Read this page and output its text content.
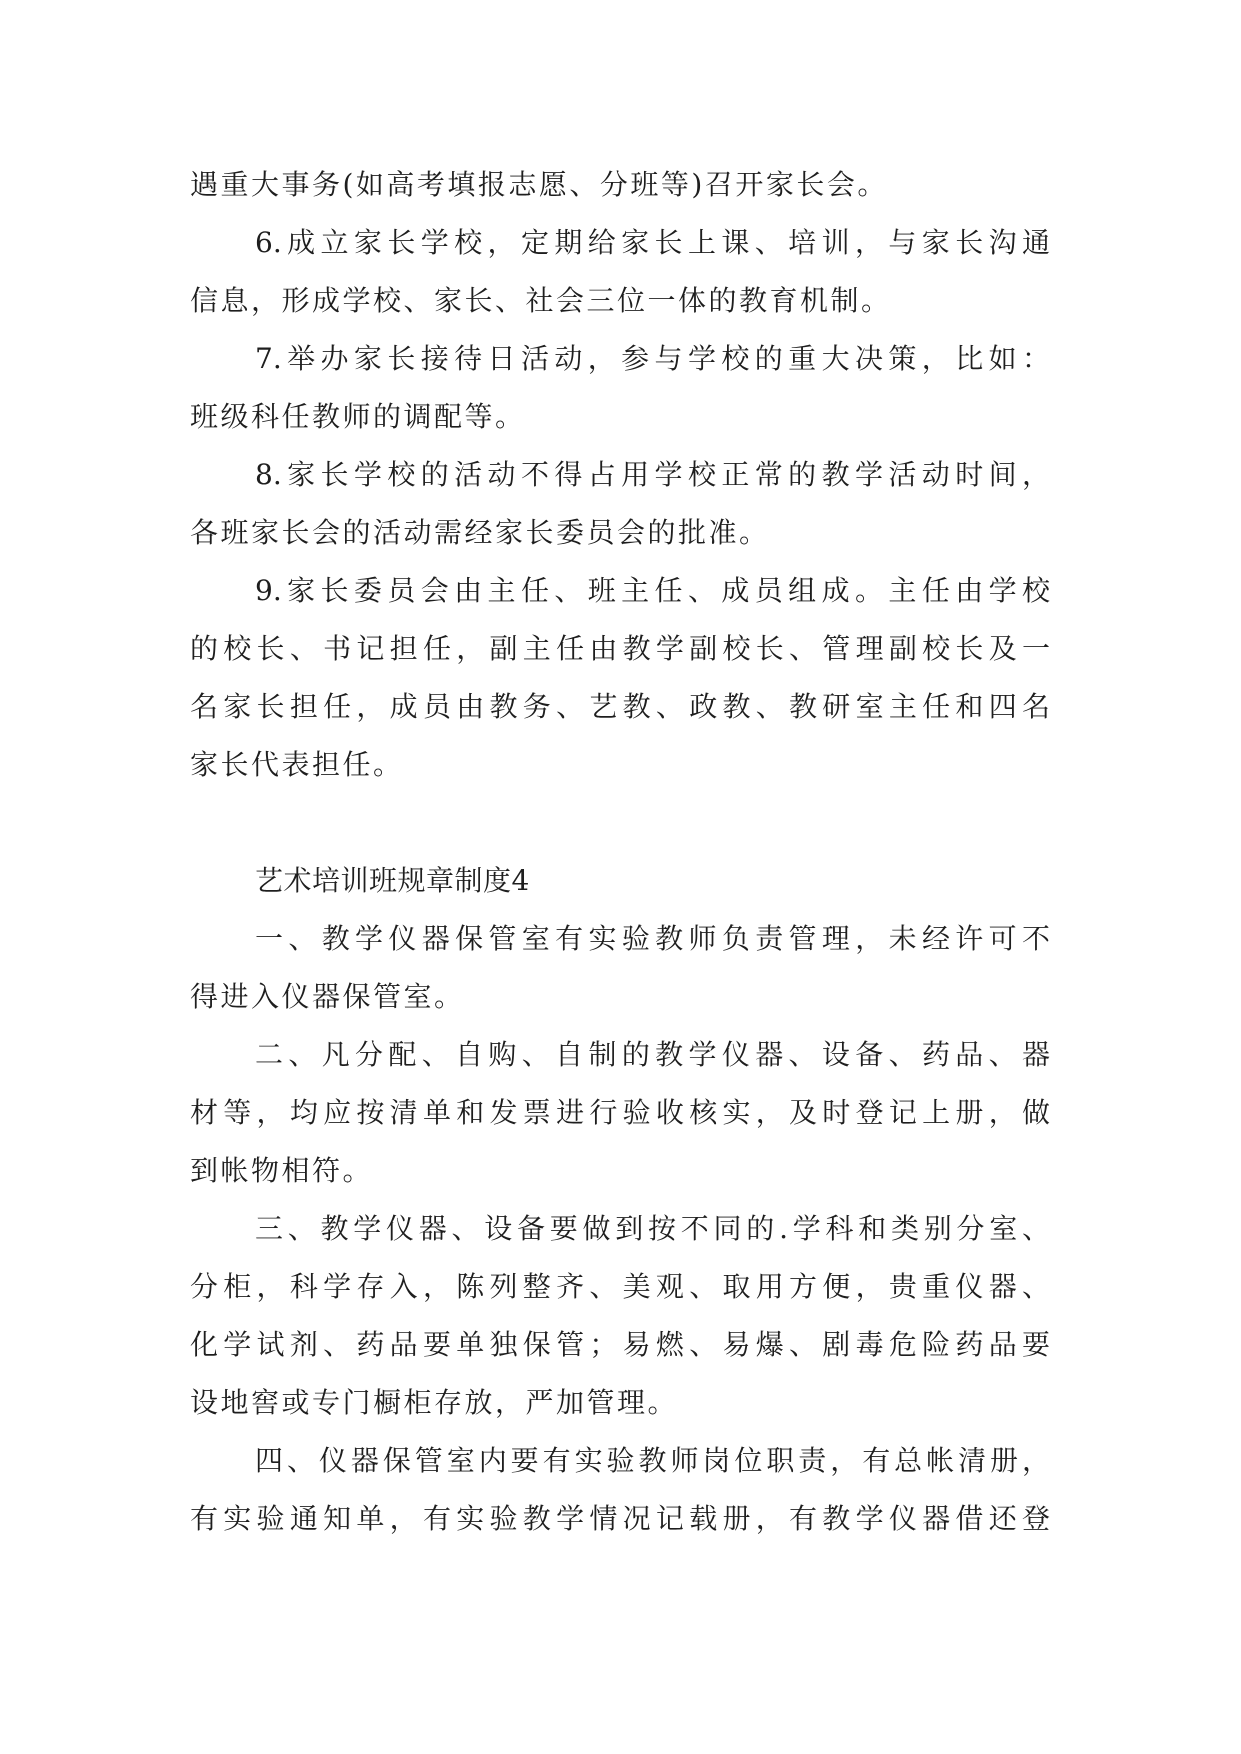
遇重大事务(如高考填报志愿、分班等)召开家长会。
6.成立家长学校，定期给家长上课、培训，与家长沟通
信息，形成学校、家长、社会三位一体的教育机制。
7.举办家长接待日活动，参与学校的重大决策，比如：
班级科任教师的调配等。
8.家长学校的活动不得占用学校正常的教学活动时间，
各班家长会的活动需经家长委员会的批准。
9.家长委员会由主任、班主任、成员组成。主任由学校
的校长、书记担任，副主任由教学副校长、管理副校长及一
名家长担任，成员由教务、艺教、政教、教研室主任和四名
家长代表担任。
艺术培训班规章制度4
一、教学仪器保管室有实验教师负责管理，未经许可不
得进入仪器保管室。
二、凡分配、自购、自制的教学仪器、设备、药品、器
材等，均应按清单和发票进行验收核实，及时登记上册，做
到帐物相符。
三、教学仪器、设备要做到按不同的.学科和类别分室、
分柜，科学存入，陈列整齐、美观、取用方便，贵重仪器、
化学试剂、药品要单独保管；易燃、易爆、剧毒危险药品要
设地窖或专门橱柜存放，严加管理。
四、仪器保管室内要有实验教师岗位职责，有总帐清册，
有实验通知单，有实验教学情况记载册，有教学仪器借还登
